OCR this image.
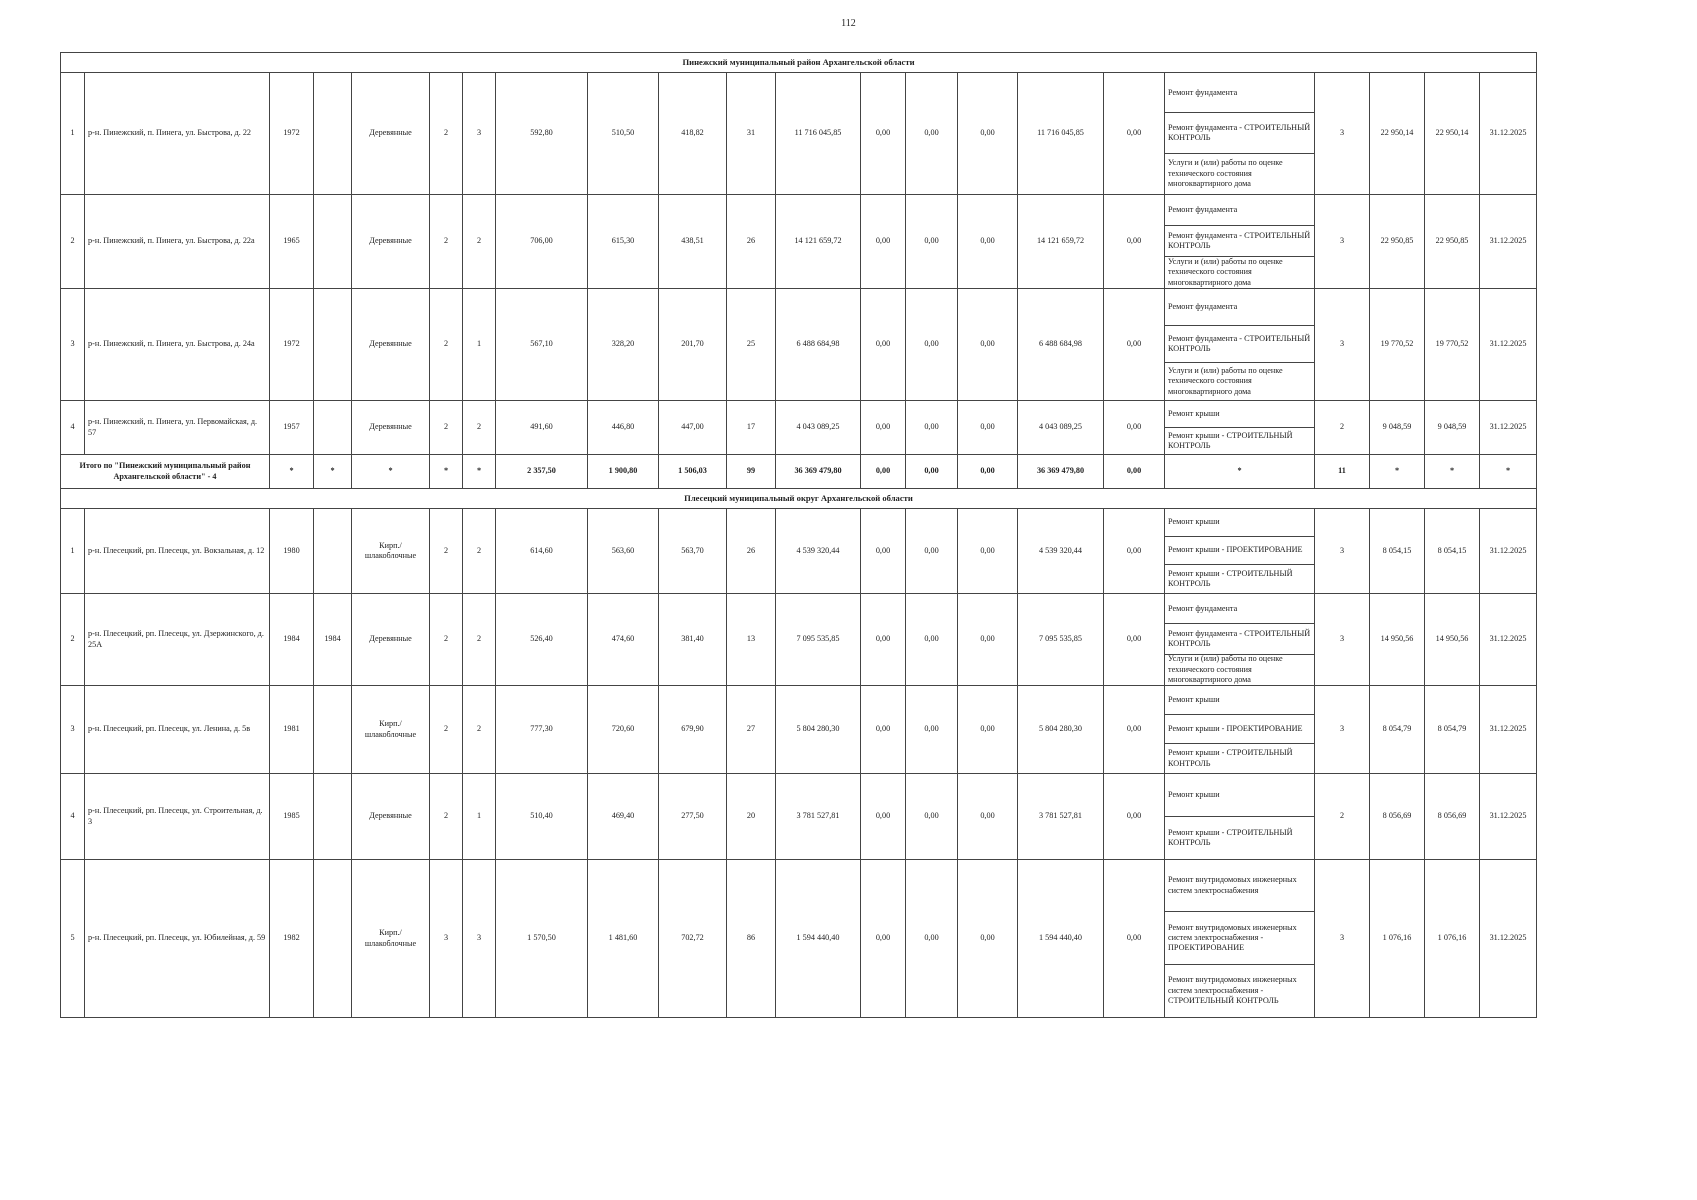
112
Пинежский муниципальный район Архангельской области																					
1	р-н. Пинежский, п. Пинега, ул. Быстрова, д. 22	1972		Деревянные	2	3	592,80	510,50	418,82	31	11 716 045,85	0,00	0,00	0,00	11 716 045,85	0,00	Ремонт фундамента
Ремонт фундамента - СТРОИТЕЛЬНЫЙ КОНТРОЛЬ
Услуги и (или) работы по оценке технического состояния многоквартирного дома	3	22 950,14	22 950,14	31.12.2025
2	р-н. Пинежский, п. Пинега, ул. Быстрова, д. 22а	1965		Деревянные	2	2	706,00	615,30	438,51	26	14 121 659,72	0,00	0,00	0,00	14 121 659,72	0,00	Ремонт фундамента
Ремонт фундамента - СТРОИТЕЛЬНЫЙ КОНТРОЛЬ
Услуги и (или) работы по оценке технического состояния многоквартирного дома	3	22 950,85	22 950,85	31.12.2025
3	р-н. Пинежский, п. Пинега, ул. Быстрова, д. 24а	1972		Деревянные	2	1	567,10	328,20	201,70	25	6 488 684,98	0,00	0,00	0,00	6 488 684,98	0,00	Ремонт фундамента
Ремонт фундамента - СТРОИТЕЛЬНЫЙ КОНТРОЛЬ
Услуги и (или) работы по оценке технического состояния многоквартирного дома	3	19 770,52	19 770,52	31.12.2025
4	р-н. Пинежский, п. Пинега, ул. Первомайская, д. 57	1957		Деревянные	2	2	491,60	446,80	447,00	17	4 043 089,25	0,00	0,00	0,00	4 043 089,25	0,00	Ремонт крыши
Ремонт крыши - СТРОИТЕЛЬНЫЙ КОНТРОЛЬ	2	9 048,59	9 048,59	31.12.2025
Итого по "Пинежский муниципальный район Архангельской области" - 4		*	*	*	*	*	2 357,50	1 900,80	1 506,03	99	36 369 479,80	0,00	0,00	0,00	36 369 479,80	0,00	*	11	*	*	*
Плесецкий муниципальный округ Архангельской области																					
1	р-н. Плесецкий, рп. Плесецк, ул. Вокзальная, д. 12	1980		Кирп./ шлакоблочные	2	2	614,60	563,60	563,70	26	4 539 320,44	0,00	0,00	0,00	4 539 320,44	0,00	Ремонт крыши
Ремонт крыши - ПРОЕКТИРОВАНИЕ
Ремонт крыши - СТРОИТЕЛЬНЫЙ КОНТРОЛЬ	3	8 054,15	8 054,15	31.12.2025
2	р-н. Плесецкий, рп. Плесецк, ул. Дзержинского, д. 25А	1984	1984	Деревянные	2	2	526,40	474,60	381,40	13	7 095 535,85	0,00	0,00	0,00	7 095 535,85	0,00	Ремонт фундамента
Ремонт фундамента - СТРОИТЕЛЬНЫЙ КОНТРОЛЬ
Услуги и (или) работы по оценке технического состояния многоквартирного дома	3	14 950,56	14 950,56	31.12.2025
3	р-н. Плесецкий, рп. Плесецк, ул. Ленина, д. 5в	1981		Кирп./ шлакоблочные	2	2	777,30	720,60	679,90	27	5 804 280,30	0,00	0,00	0,00	5 804 280,30	0,00	Ремонт крыши
Ремонт крыши - ПРОЕКТИРОВАНИЕ
Ремонт крыши - СТРОИТЕЛЬНЫЙ КОНТРОЛЬ	3	8 054,79	8 054,79	31.12.2025
4	р-н. Плесецкий, рп. Плесецк, ул. Строительная, д. 3	1985		Деревянные	2	1	510,40	469,40	277,50	20	3 781 527,81	0,00	0,00	0,00	3 781 527,81	0,00	Ремонт крыши
Ремонт крыши - СТРОИТЕЛЬНЫЙ КОНТРОЛЬ	2	8 056,69	8 056,69	31.12.2025
5	р-н. Плесецкий, рп. Плесецк, ул. Юбилейная, д. 59	1982		Кирп./ шлакоблочные	3	3	1 570,50	1 481,60	702,72	86	1 594 440,40	0,00	0,00	0,00	1 594 440,40	0,00	Ремонт внутридомовых инженерных систем электроснабжения
Ремонт внутридомовых инженерных систем электроснабжения - ПРОЕКТИРОВАНИЕ
Ремонт внутридомовых инженерных систем электроснабжения - СТРОИТЕЛЬНЫЙ КОНТРОЛЬ	3	1 076,16	1 076,16	31.12.2025
